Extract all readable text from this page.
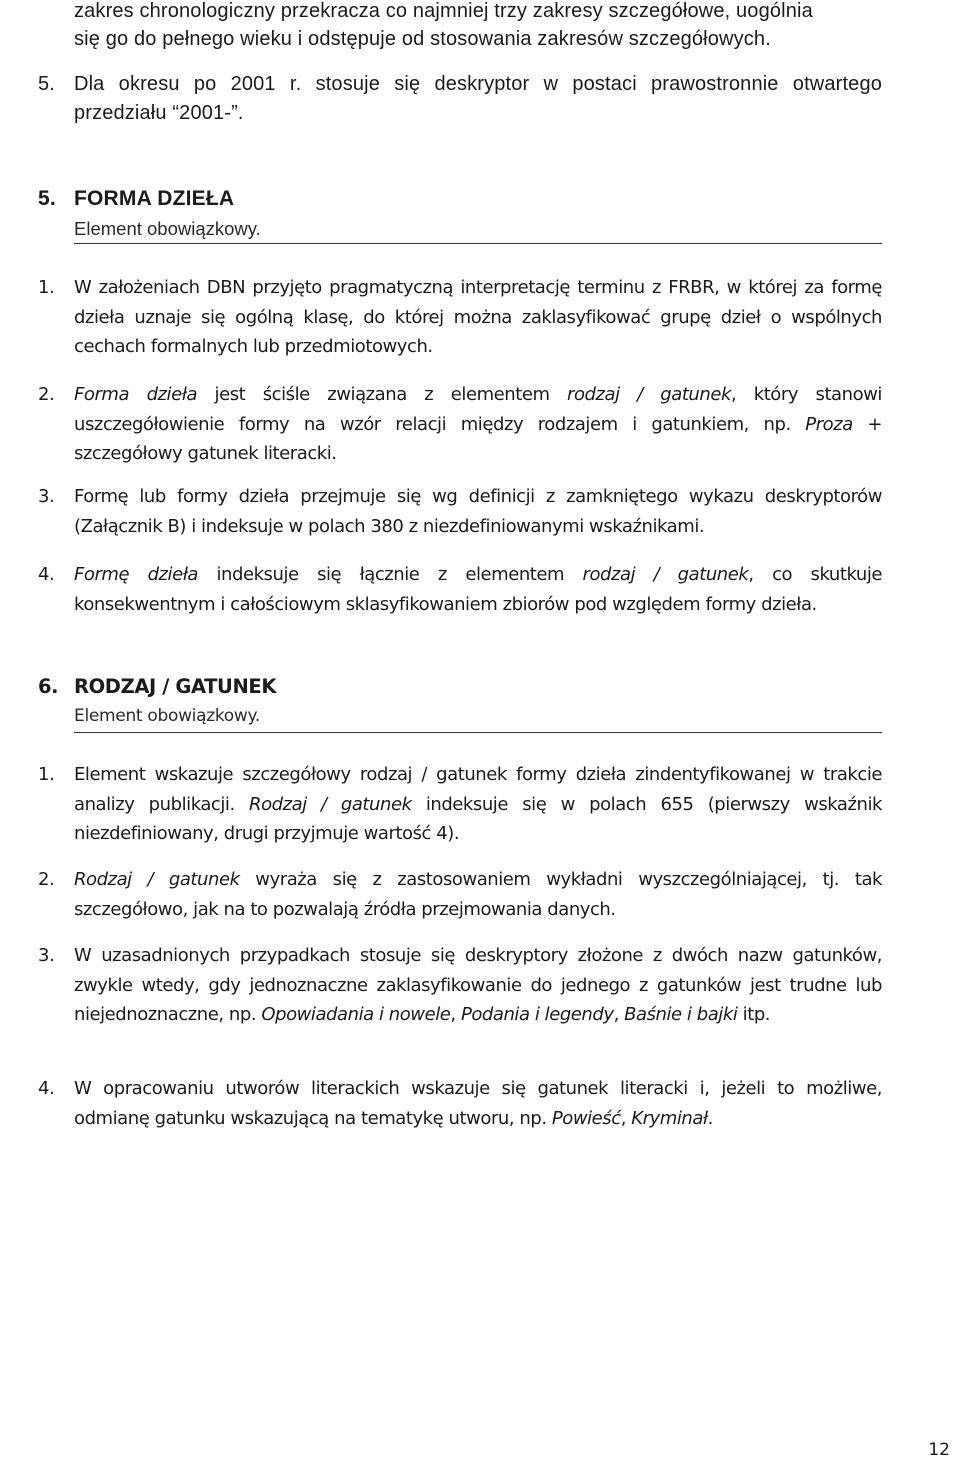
zakres chronologiczny przekracza co najmniej trzy zakresy szczegółowe, uogólnia
się go do pełnego wieku i odstępuje od stosowania zakresów szczegółowych.
5. Dla okresu po 2001 r. stosuje się deskryptor w postaci prawostronnie otwartego przedziału “2001-”.
5. FORMA DZIEŁA
Element obowiązkowy.
1.	W założeniach DBN przyjęto pragmatyczną interpretację terminu z FRBR, w której za formę dzieła uznaje się ogólną klasę, do której można zaklasyfikować grupę dzieł o wspólnych cechach formalnych lub przedmiotowych.
2.	Forma dzieła jest ściśle związana z elementem rodzaj / gatunek, który stanowi uszczegółowienie formy na wzór relacji między rodzajem i gatunkiem, np. Proza + szczegółowy gatunek literacki.
3.	Formę lub formy dzieła przejmuje się wg definicji z zamkniętego wykazu deskryptorów (Załącznik B) i indeksuje w polach 380 z niezdefiniowanymi wskaźnikami.
4.	Formę dzieła indeksuje się łącznie z elementem rodzaj / gatunek, co skutkuje konsekwentnym i całościowym sklasyfikowaniem zbiorów pod względem formy dzieła.
6. RODZAJ / GATUNEK
Element obowiązkowy.
1.	Element wskazuje szczegółowy rodzaj / gatunek formy dzieła zindentyfikowanej w trakcie analizy publikacji. Rodzaj / gatunek indeksuje się w polach 655 (pierwszy wskaźnik niezdefiniowany, drugi przyjmuje wartość 4).
2.	Rodzaj / gatunek wyraża się z zastosowaniem wykładni wyszczególniającej, tj. tak szczegółowo, jak na to pozwalają źródła przejmowania danych.
3.	W uzasadnionych przypadkach stosuje się deskryptory złożone z dwóch nazw gatunków, zwykle wtedy, gdy jednoznaczne zaklasyfikowanie do jednego z gatunków jest trudne lub niejednoznaczne, np. Opowiadania i nowele, Podania i legendy, Baśnie i bajki itp.
4.	W opracowaniu utworów literackich wskazuje się gatunek literacki i, jeżeli to możliwe, odmianę gatunku wskazującą na tematykę utworu, np. Powieść, Kryminał.
12
